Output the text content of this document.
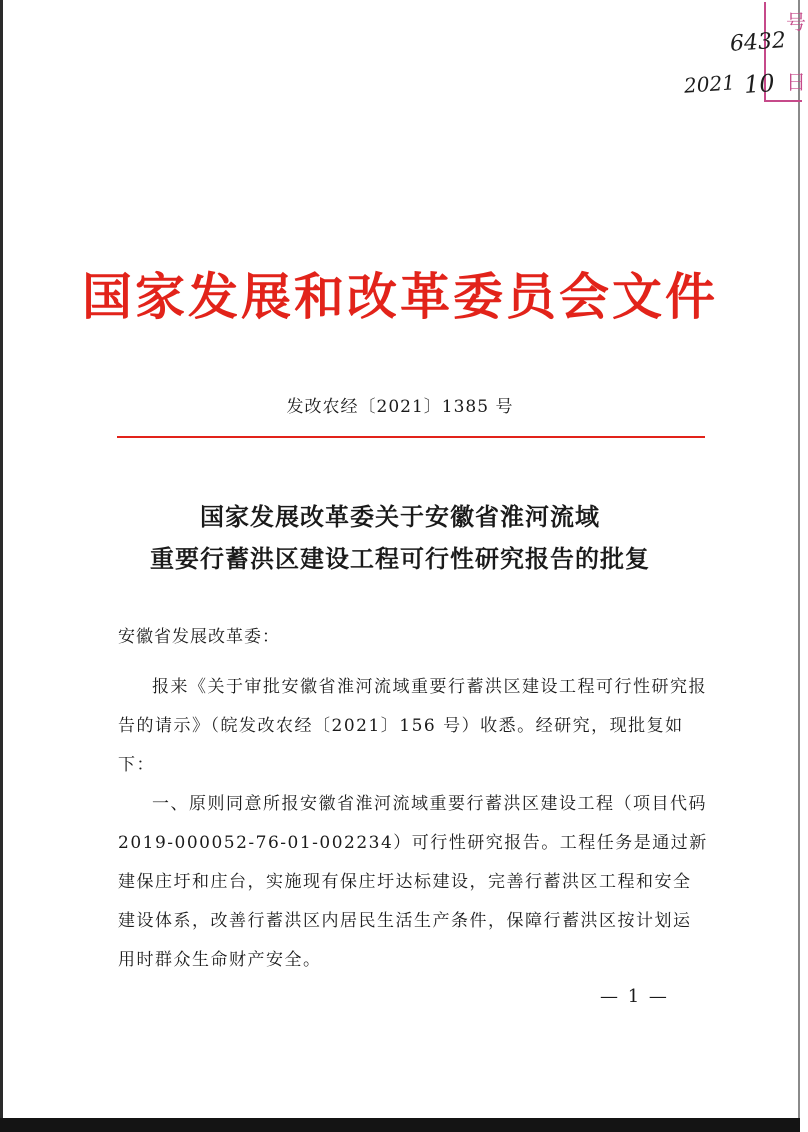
号
日
6432
2021 10
国家发展和改革委员会文件
发改农经〔2021〕1385 号
国家发展改革委关于安徽省淮河流域
重要行蓄洪区建设工程可行性研究报告的批复
安徽省发展改革委：

报来《关于审批安徽省淮河流域重要行蓄洪区建设工程可行性研究报告的请示》（皖发改农经〔2021〕156 号）收悉。经研究，现批复如下：

一、原则同意所报安徽省淮河流域重要行蓄洪区建设工程（项目代码 2019-000052-76-01-002234）可行性研究报告。工程任务是通过新建保庄圩和庄台，实施现有保庄圩达标建设，完善行蓄洪区工程和安全建设体系，改善行蓄洪区内居民生活生产条件，保障行蓄洪区按计划运用时群众生命财产安全。

— 1 —
